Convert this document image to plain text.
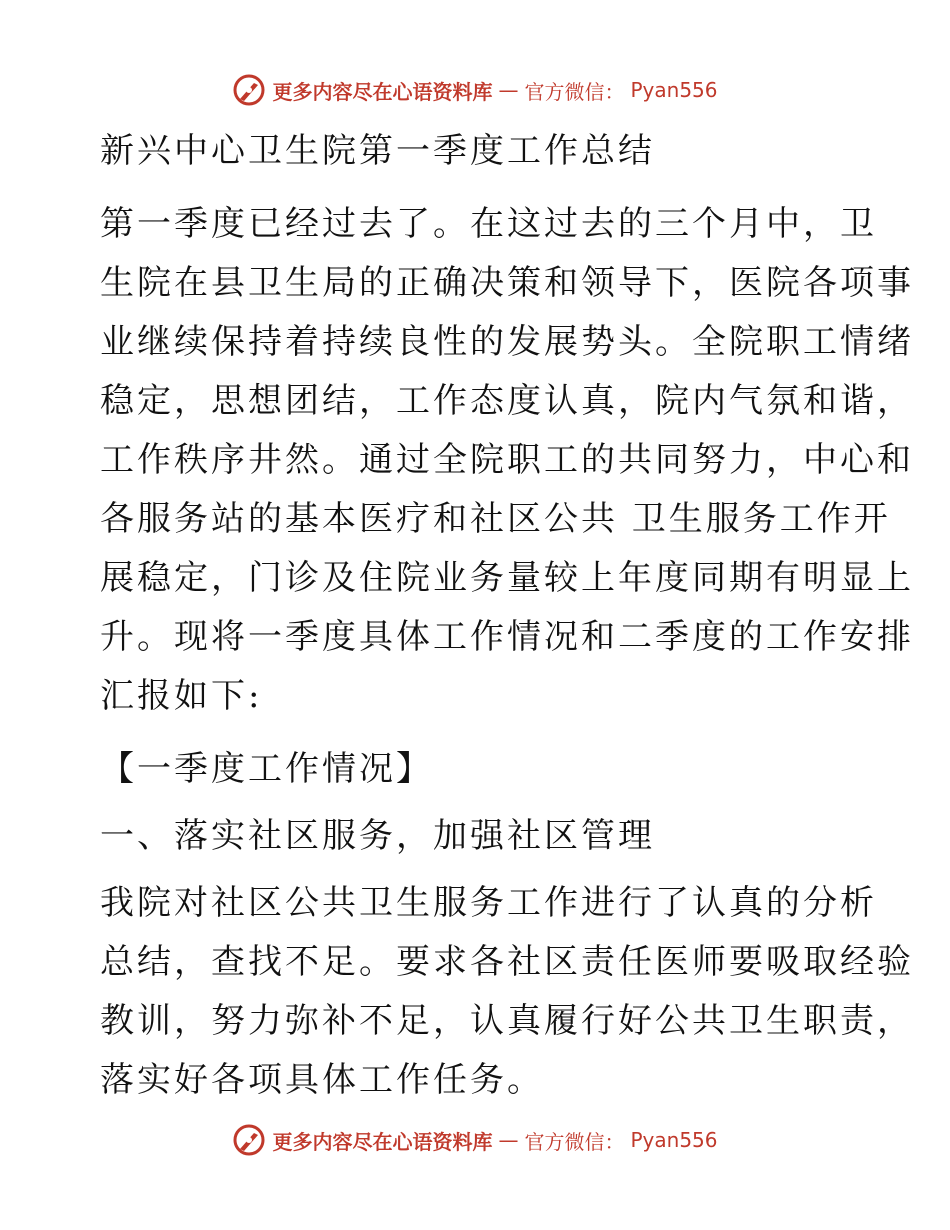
更多内容尽在心语资料库 — 官方微信： Pyan556
新兴中心卫生院第一季度工作总结
第一季度已经过去了。在这过去的三个月中，卫
生院在县卫生局的正确决策和领导下，医院各项事
业继续保持着持续良性的发展势头。全院职工情绪
稳定，思想团结，工作态度认真，院内气氛和谐，
工作秩序井然。通过全院职工的共同努力，中心和
各服务站的基本医疗和社区公共 卫生服务工作开
展稳定，门诊及住院业务量较上年度同期有明显上
升。现将一季度具体工作情况和二季度的工作安排
汇报如下:
【一季度工作情况】
一、落实社区服务，加强社区管理
我院对社区公共卫生服务工作进行了认真的分析
总结，查找不足。要求各社区责任医师要吸取经验
教训，努力弥补不足，认真履行好公共卫生职责，
落实好各项具体工作任务。
更多内容尽在心语资料库 — 官方微信： Pyan556
